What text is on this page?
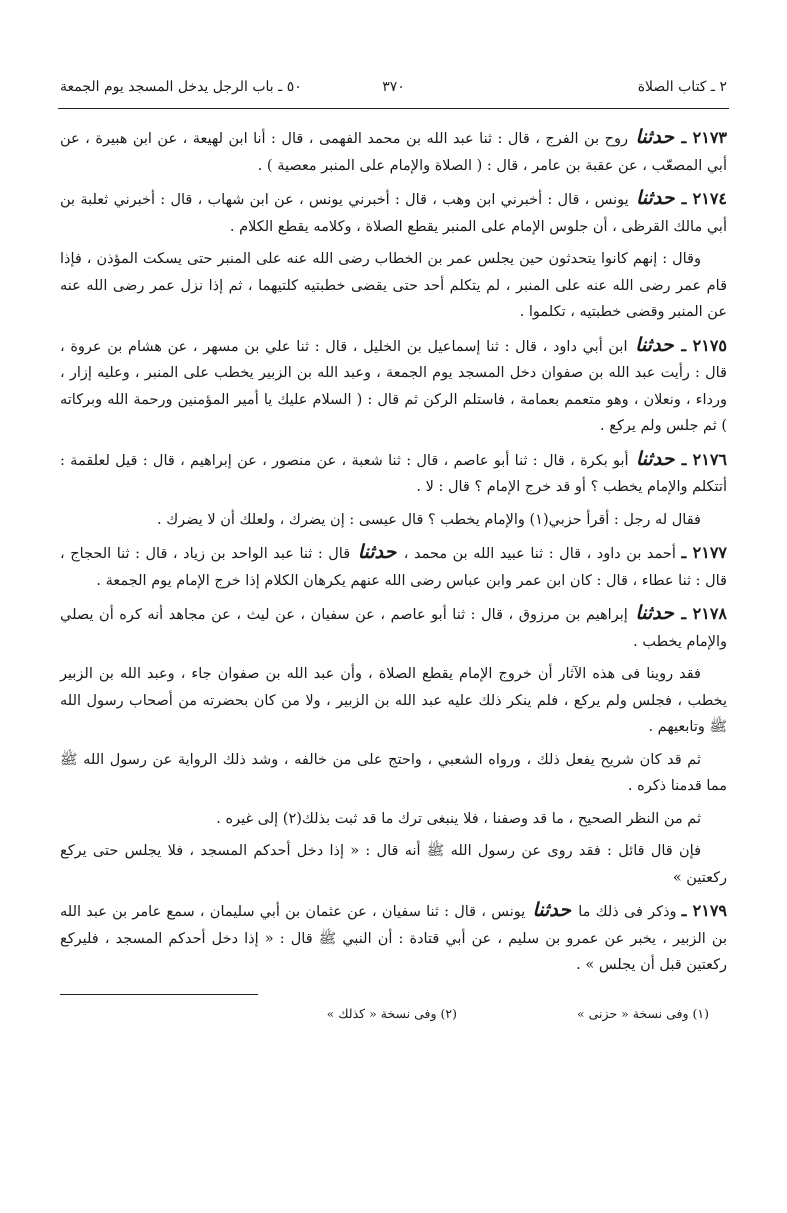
٢ ـ كتاب الصلاة
٣٧٠
٥٠ ـ باب الرجل يدخل المسجد يوم الجمعة

٢١٧٣ ـ حدثنا روح بن الفرج ، قال : ثنا عبد الله بن محمد الفهمى ، قال : أنا ابن لهيعة ، عن ابن هبيرة ، عن أبي المصعّب ، عن عقبة بن عامر ، قال : ( الصلاة والإمام على المنبر معصية ) .

٢١٧٤ ـ حدثنا يونس ، قال : أخبرني ابن وهب ، قال : أخبرني يونس ، عن ابن شهاب ، قال : أخبرني ثعلبة بن أبي مالك القرظى ، أن جلوس الإمام على المنبر يقطع الصلاة ، وكلامه يقطع الكلام .

وقال : إنهم كانوا يتحدثون حين يجلس عمر بن الخطاب رضى الله عنه على المنبر حتى يسكت المؤذن ، فإذا قام عمر رضى الله عنه على المنبر ، لم يتكلم أحد حتى يقضى خطبتيه كلتيهما ، ثم إذا نزل عمر رضى الله عنه عن المنبر وقضى خطبتيه ، تكلموا .

٢١٧٥ ـ حدثنا ابن أبي داود ، قال : ثنا إسماعيل بن الخليل ، قال : ثنا علي بن مسهر ، عن هشام بن عروة ، قال : رأيت عبد الله بن صفوان دخل المسجد يوم الجمعة ، وعبد الله بن الزبير يخطب على المنبر ، وعليه إزار ، ورداء ، ونعلان ، وهو متعمم بعمامة ، فاستلم الركن ثم قال : ( السلام عليك يا أمير المؤمنين ورحمة الله وبركاته ) ثم جلس ولم يركع .

٢١٧٦ ـ حدثنا أبو بكرة ، قال : ثنا أبو عاصم ، قال : ثنا شعبة ، عن منصور ، عن إبراهيم ، قال : قيل لعلقمة : أتتكلم والإمام يخطب ؟ أو قد خرج الإمام ؟ قال : لا .

فقال له رجل : أقرأ حزبي(١) والإمام يخطب ؟ قال عيسى : إن يضرك ، ولعلك أن لا يضرك .

٢١٧٧ ـ أحمد بن داود ، قال : ثنا عبيد الله بن محمد ، حدثنا قال : ثنا عبد الواحد بن زياد ، قال : ثنا الحجاج ، قال : ثنا عطاء ، قال : كان ابن عمر وابن عباس رضى الله عنهم يكرهان الكلام إذا خرج الإمام يوم الجمعة .

٢١٧٨ ـ حدثنا إبراهيم بن مرزوق ، قال : ثنا أبو عاصم ، عن سفيان ، عن ليث ، عن مجاهد أنه كره أن يصلي والإمام يخطب .

فقد روينا فى هذه الآثار أن خروج الإمام يقطع الصلاة ، وأن عبد الله بن صفوان جاء ، وعبد الله بن الزبير يخطب ، فجلس ولم يركع ، فلم ينكر ذلك عليه عبد الله بن الزبير ، ولا من كان بحضرته من أصحاب رسول الله ﷺ وتابعيهم .

ثم قد كان شريح يفعل ذلك ، ورواه الشعبي ، واحتج على من خالفه ، وشد ذلك الرواية عن رسول الله ﷺ مما قدمنا ذكره .

ثم من النظر الصحيح ، ما قد وصفنا ، فلا ينبغى ترك ما قد ثبت بذلك(٢) إلى غيره .

فإن قال قائل : فقد روى عن رسول الله ﷺ أنه قال : « إذا دخل أحدكم المسجد ، فلا يجلس حتى يركع ركعتين »

٢١٧٩ ـ وذكر فى ذلك ما حدثنا يونس ، قال : ثنا سفيان ، عن عثمان بن أبي سليمان ، سمع عامر بن عبد الله بن الزبير ، يخبر عن عمرو بن سليم ، عن أبي قتادة : أن النبي ﷺ قال : « إذا دخل أحدكم المسجد ، فليركع ركعتين قبل أن يجلس » .

(١) وفى نسخة « حزنى »
(٢) وفى نسخة « كذلك »
